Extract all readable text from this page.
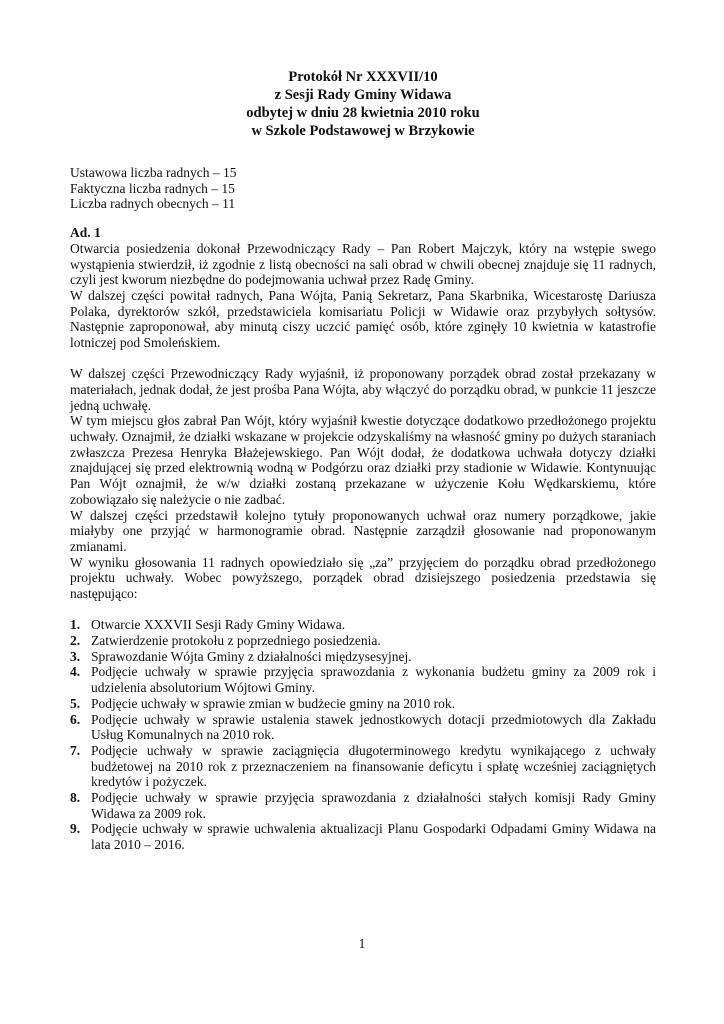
Protokół Nr XXXVII/10
z Sesji Rady Gminy Widawa
odbytej w dniu 28 kwietnia 2010 roku
w Szkole Podstawowej w Brzykowie
Ustawowa liczba radnych – 15
Faktyczna liczba radnych – 15
Liczba radnych obecnych – 11
Ad. 1

Otwarcia posiedzenia dokonał Przewodniczący Rady – Pan Robert Majczyk, który na wstępie swego wystąpienia stwierdził, iż zgodnie z listą obecności na sali obrad w chwili obecnej znajduje się 11 radnych, czyli jest kworum niezbędne do podejmowania uchwał przez Radę Gminy.

W dalszej części powitał radnych, Pana Wójta, Panią Sekretarz, Pana Skarbnika, Wicestarostę Dariusza Polaka, dyrektorów szkół, przedstawiciela komisariatu Policji w Widawie oraz przybyłych sołtysów. Następnie zaproponował, aby minutą ciszy uczcić pamięć osób, które zginęły 10 kwietnia w katastrofie lotniczej pod Smoleńskiem.

W dalszej części Przewodniczący Rady wyjaśnił, iż proponowany porządek obrad został przekazany w materiałach, jednak dodał, że jest prośba Pana Wójta, aby włączyć do porządku obrad, w punkcie 11 jeszcze jedną uchwałę.

W tym miejscu głos zabrał Pan Wójt, który wyjaśnił kwestie dotyczące dodatkowo przedłożonego projektu uchwały. Oznajmił, że działki wskazane w projekcie odzyskaliśmy na własność gminy po dużych staraniach zwłaszcza Prezesa Henryka Błażejewskiego. Pan Wójt dodał, że dodatkowa uchwała dotyczy działki znajdującej się przed elektrownią wodną w Podgórzu oraz działki przy stadionie w Widawie. Kontynuując Pan Wójt oznajmił, że w/w działki zostaną przekazane w użyczenie Kołu Wędkarskiemu, które zobowiązało się należycie o nie zadbać.

W dalszej części przedstawił kolejno tytuły proponowanych uchwał oraz numery porządkowe, jakie miałyby one przyjąć w harmonogramie obrad. Następnie zarządził głosowanie nad proponowanym zmianami.

W wyniku głosowania 11 radnych opowiedziało się „za” przyjęciem do porządku obrad przedłożonego projektu uchwały. Wobec powyższego, porządek obrad dzisiejszego posiedzenia przedstawia się następująco:

1. Otwarcie XXXVII Sesji Rady Gminy Widawa.
2. Zatwierdzenie protokołu z poprzedniego posiedzenia.
3. Sprawozdanie Wójta Gminy z działalności międzysesyjnej.
4. Podjęcie uchwały w sprawie przyjęcia sprawozdania z wykonania budżetu gminy za 2009 rok i udzielenia absolutorium Wójtowi Gminy.
5. Podjęcie uchwały w sprawie zmian w budżecie gminy na 2010 rok.
6. Podjęcie uchwały w sprawie ustalenia stawek jednostkowych dotacji przedmiotowych dla Zakładu Usług Komunalnych na 2010 rok.
7. Podjęcie uchwały w sprawie zaciągnięcia długoterminowego kredytu wynikającego z uchwały budżetowej na 2010 rok z przeznaczeniem na finansowanie deficytu i spłatę wcześniej zaciągniętych kredytów i pożyczek.
8. Podjęcie uchwały w sprawie przyjęcia sprawozdania z działalności stałych komisji Rady Gminy Widawa za 2009 rok.
9. Podjęcie uchwały w sprawie uchwalenia aktualizacji Planu Gospodarki Odpadami Gminy Widawa na lata 2010 – 2016.
1
